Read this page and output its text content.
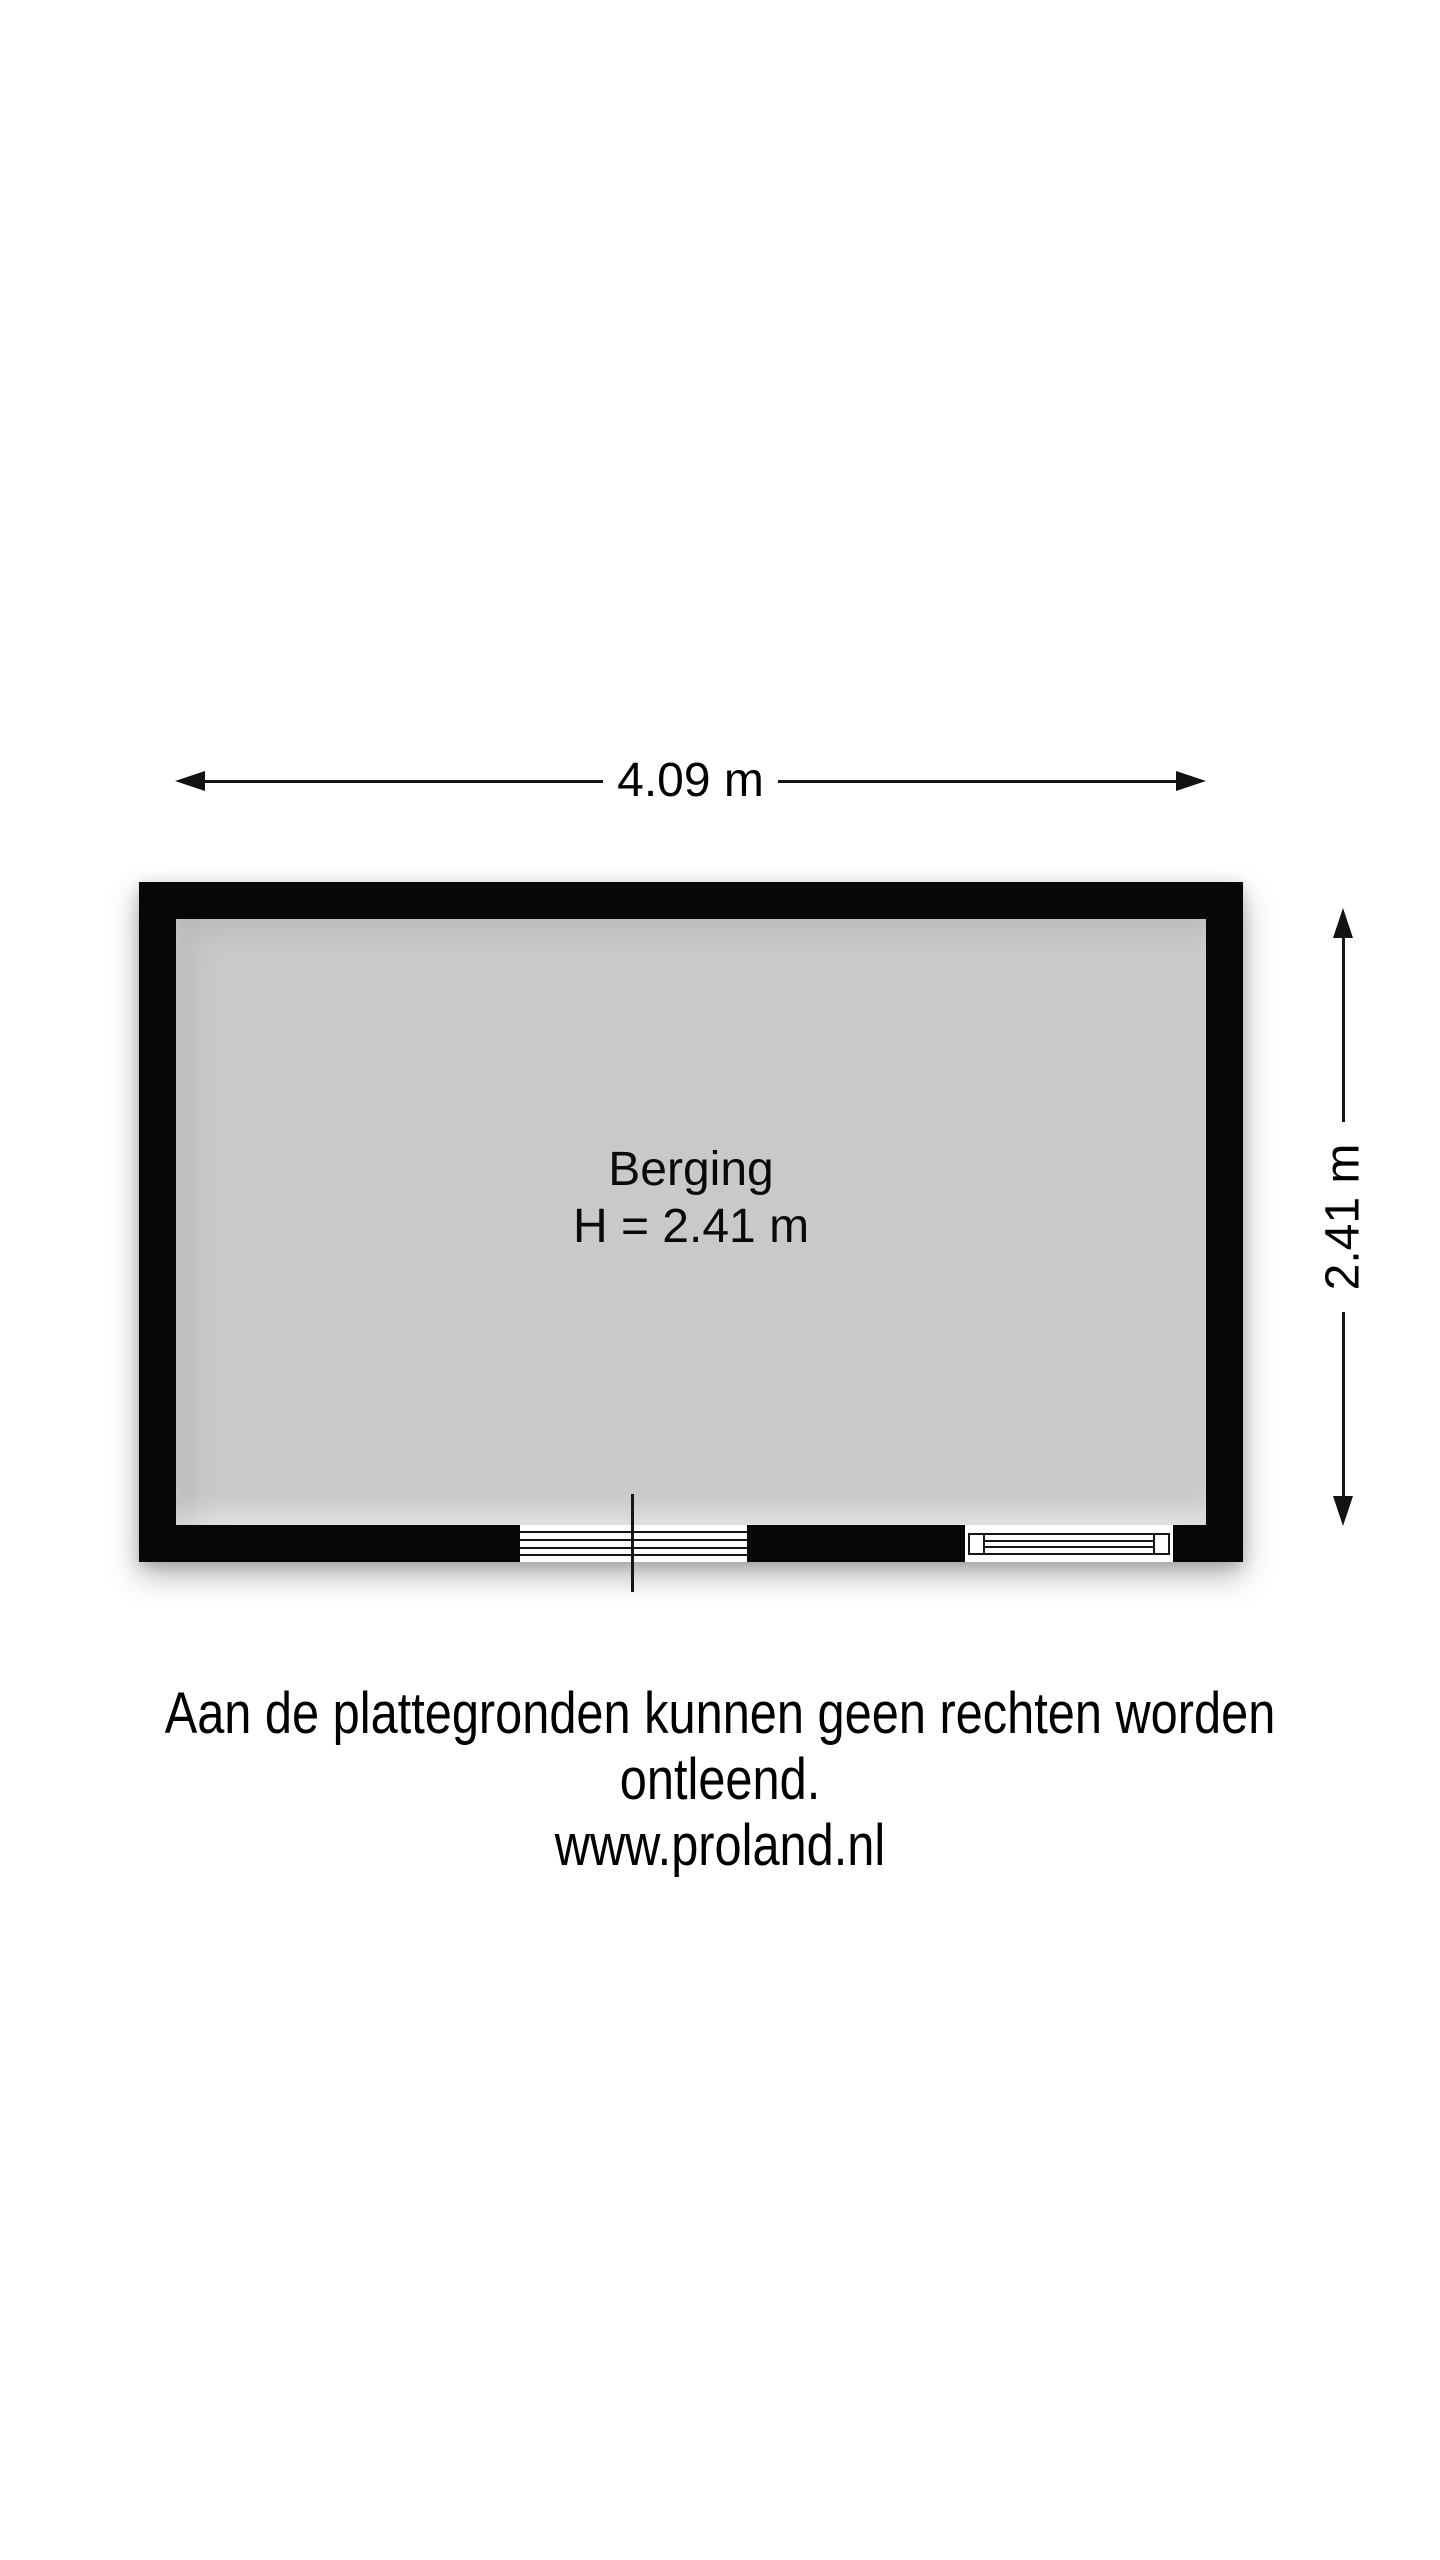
4.09 m
Berging
H = 2.41 m	2.41 m
Aan de plattegronden kunnen geen rechten worden ontleend.
www.proland.nl
